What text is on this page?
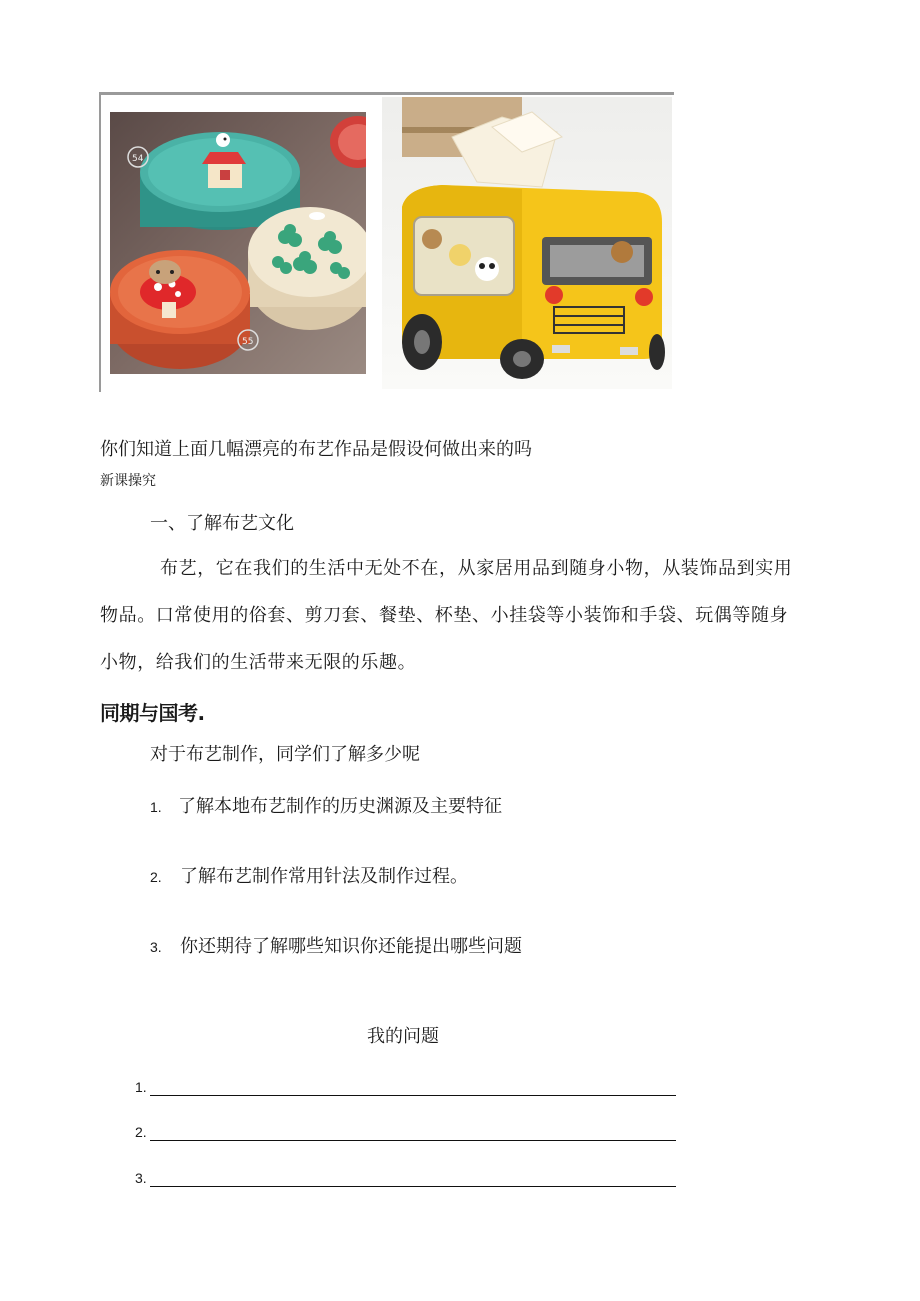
54
55
你们知道上面几幅漂亮的布艺作品是假设何做出来的吗
新课操究
一、了解布艺文化
布艺，它在我们的生活中无处不在，从家居用品到随身小物，从装饰品到实用
物品。口常使用的俗套、剪刀套、餐垫、杯垫、小挂袋等小装饰和手袋、玩偶等随身
小物，给我们的生活带来无限的乐趣。
同期与国考.
对于布艺制作，同学们了解多少呢
1. 了解本地布艺制作的历史渊源及主要特征
2. 了解布艺制作常用针法及制作过程。
3. 你还期待了解哪些知识你还能提出哪些问题
我的问题
1.
2.
3.
